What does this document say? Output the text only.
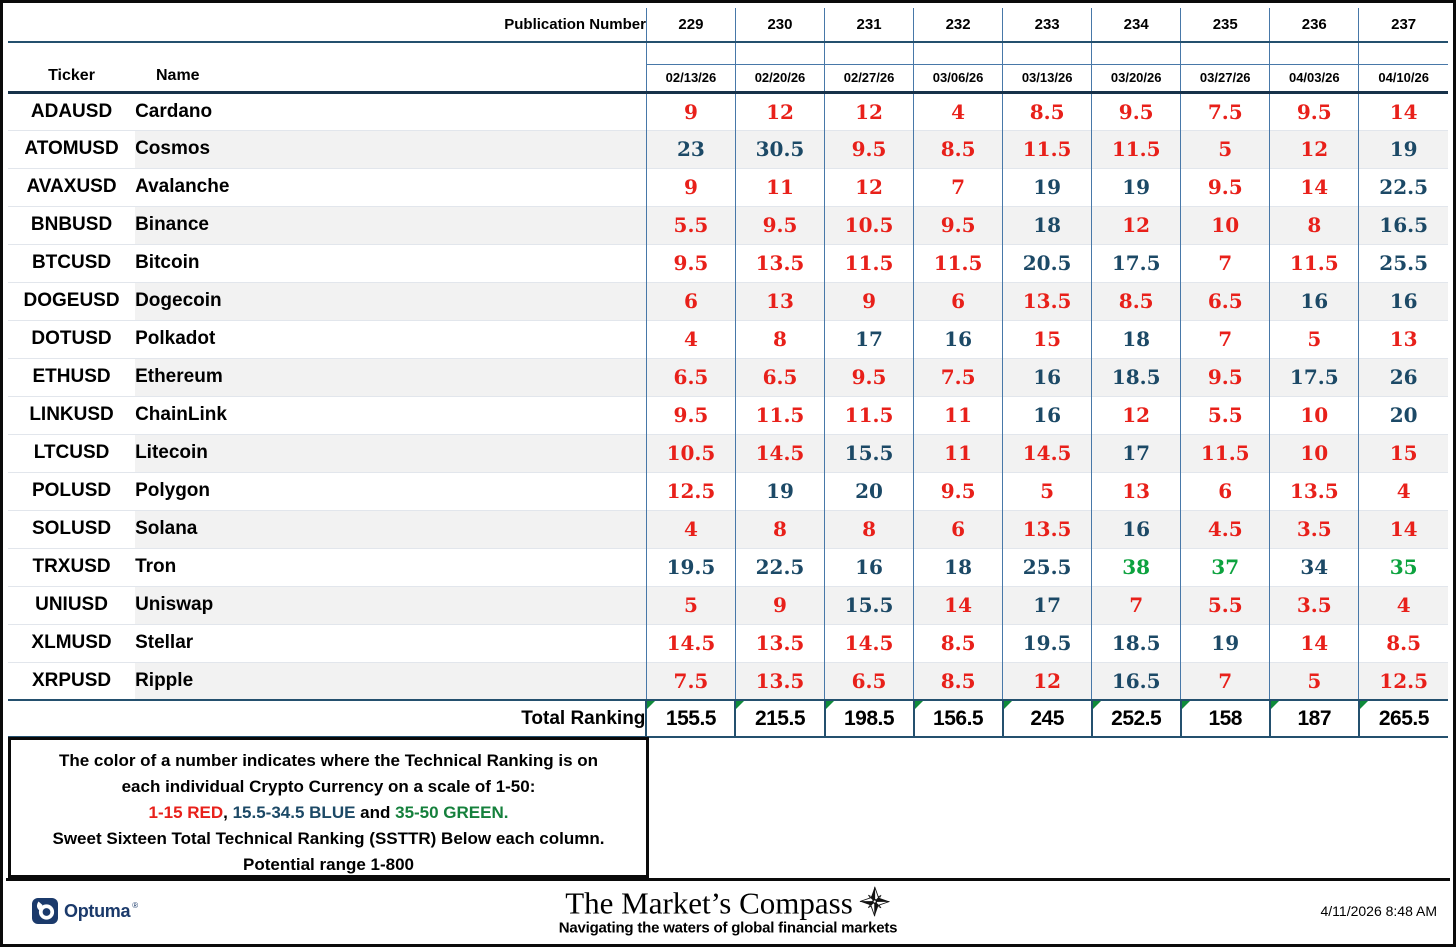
Publication Number		229	230	231	232	233	234	235	236	237

Ticker Name										

		02/13/26	02/20/26	02/27/26	03/06/26	03/13/26	03/20/26	03/27/26	04/03/26	04/10/26
ADAUSD	Cardano	9	12	12	4	8.5	9.5	7.5	9.5	14
ATOMUSD	Cosmos	23	30.5	9.5	8.5	11.5	11.5	5	12	19
AVAXUSD	Avalanche	9	11	12	7	19	19	9.5	14	22.5
BNBUSD	Binance	5.5	9.5	10.5	9.5	18	12	10	8	16.5
BTCUSD	Bitcoin	9.5	13.5	11.5	11.5	20.5	17.5	7	11.5	25.5
DOGEUSD	Dogecoin	6	13	9	6	13.5	8.5	6.5	16	16
DOTUSD	Polkadot	4	8	17	16	15	18	7	5	13
ETHUSD	Ethereum	6.5	6.5	9.5	7.5	16	18.5	9.5	17.5	26
LINKUSD	ChainLink	9.5	11.5	11.5	11	16	12	5.5	10	20
LTCUSD	Litecoin	10.5	14.5	15.5	11	14.5	17	11.5	10	15
POLUSD	Polygon	12.5	19	20	9.5	5	13	6	13.5	4
SOLUSD	Solana	4	8	8	6	13.5	16	4.5	3.5	14
TRXUSD	Tron	19.5	22.5	16	18	25.5	38	37	34	35
UNIUSD	Uniswap	5	9	15.5	14	17	7	5.5	3.5	4
XLMUSD	Stellar	14.5	13.5	14.5	8.5	19.5	18.5	19	14	8.5
XRPUSD	Ripple	7.5	13.5	6.5	8.5	12	16.5	7	5	12.5
Total Ranking		155.5	215.5	198.5	156.5	245	252.5	158	187	265.5
The color of a number indicates where the Technical Ranking is on
each individual Crypto Currency on a scale of 1-50:
1-15 RED, 15.5-34.5 BLUE and 35-50 GREEN.
Sweet Sixteen Total Technical Ranking (SSTTR) Below each column.
Potential range 1-800
Optuma ®	The Market’s Compass
Navigating the waters of global financial markets
4/11/2026 8:48 AM
